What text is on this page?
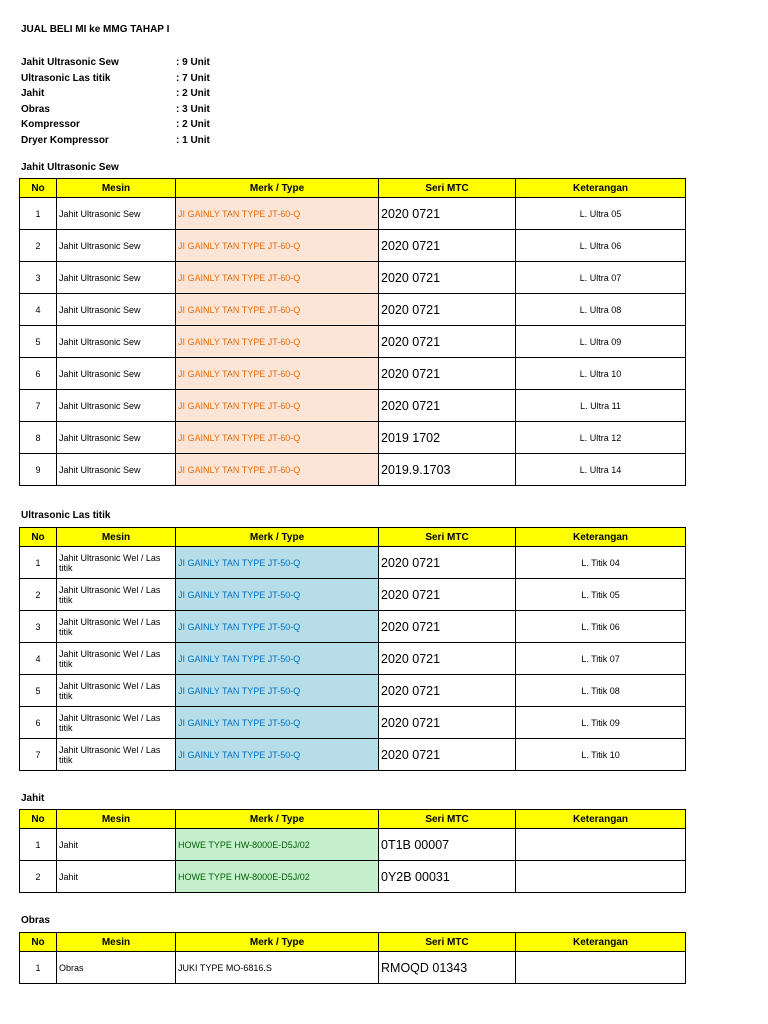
JUAL BELI MI ke MMG TAHAP I
Jahit Ultrasonic Sew	: 9 Unit
Ultrasonic Las titik	: 7 Unit
Jahit	: 2 Unit
Obras	: 3 Unit
Kompressor	: 2 Unit
Dryer Kompressor	: 1 Unit
Jahit Ultrasonic Sew
No	Mesin	Merk / Type	Seri MTC	Keterangan
1	Jahit Ultrasonic Sew	JI GAINLY TAN TYPE JT-60-Q	2020 0721	L. Ultra 05
2	Jahit Ultrasonic Sew	JI GAINLY TAN TYPE JT-60-Q	2020 0721	L. Ultra 06
3	Jahit Ultrasonic Sew	JI GAINLY TAN TYPE JT-60-Q	2020 0721	L. Ultra 07
4	Jahit Ultrasonic Sew	JI GAINLY TAN TYPE JT-60-Q	2020 0721	L. Ultra 08
5	Jahit Ultrasonic Sew	JI GAINLY TAN TYPE JT-60-Q	2020 0721	L. Ultra 09
6	Jahit Ultrasonic Sew	JI GAINLY TAN TYPE JT-60-Q	2020 0721	L. Ultra 10
7	Jahit Ultrasonic Sew	JI GAINLY TAN TYPE JT-60-Q	2020 0721	L. Ultra 11
8	Jahit Ultrasonic Sew	JI GAINLY TAN TYPE JT-60-Q	2019 1702	L. Ultra 12
9	Jahit Ultrasonic Sew	JI GAINLY TAN TYPE JT-60-Q	2019.9.1703	L. Ultra 14
Ultrasonic Las titik
No	Mesin	Merk / Type	Seri MTC	Keterangan
1	Jahit Ultrasonic Wel / Las titik	JI GAINLY TAN TYPE JT-50-Q	2020 0721	L. Titik 04
2	Jahit Ultrasonic Wel / Las titik	JI GAINLY TAN TYPE JT-50-Q	2020 0721	L. Titik 05
3	Jahit Ultrasonic Wel / Las titik	JI GAINLY TAN TYPE JT-50-Q	2020 0721	L. Titik 06
4	Jahit Ultrasonic Wel / Las titik	JI GAINLY TAN TYPE JT-50-Q	2020 0721	L. Titik 07
5	Jahit Ultrasonic Wel / Las titik	JI GAINLY TAN TYPE JT-50-Q	2020 0721	L. Titik 08
6	Jahit Ultrasonic Wel / Las titik	JI GAINLY TAN TYPE JT-50-Q	2020 0721	L. Titik 09
7	Jahit Ultrasonic Wel / Las titik	JI GAINLY TAN TYPE JT-50-Q	2020 0721	L. Titik 10
Jahit
No	Mesin	Merk / Type	Seri MTC	Keterangan
1	Jahit	HOWE TYPE HW-8000E-D5J/02	0T1B 00007	
2	Jahit	HOWE TYPE HW-8000E-D5J/02	0Y2B 00031	
Obras
No	Mesin	Merk / Type	Seri MTC	Keterangan
1	Obras	JUKI TYPE MO-6816.S	RMOQD 01343	
